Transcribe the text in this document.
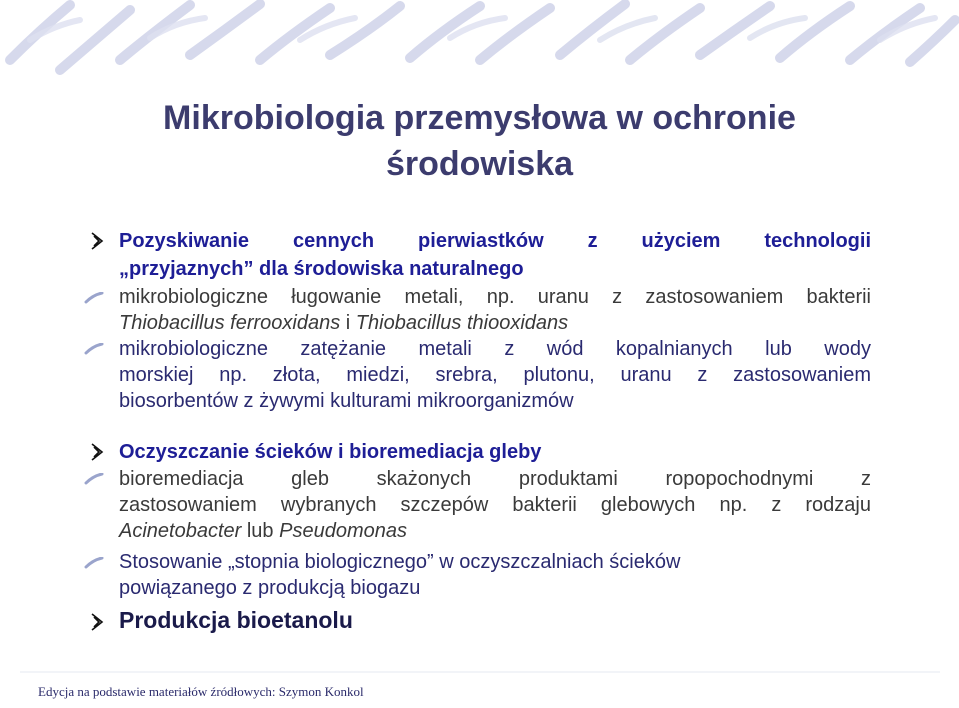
Mikrobiologia przemysłowa w ochronie
środowiska
Pozyskiwanie cennych pierwiastków z użyciem technologii
„przyjaznych” dla środowiska naturalnego
mikrobiologiczne ługowanie metali, np. uranu z zastosowaniem bakterii
Thiobacillus ferrooxidans i Thiobacillus thiooxidans
mikrobiologiczne zatężanie metali z wód kopalnianych lub wody
morskiej np. złota, miedzi, srebra, plutonu, uranu z zastosowaniem
biosorbentów z żywymi kulturami mikroorganizmów
Oczyszczanie ścieków i bioremediacja gleby
bioremediacja gleb skażonych produktami ropopochodnymi z
zastosowaniem wybranych szczepów bakterii glebowych np. z rodzaju
Acinetobacter lub Pseudomonas
Stosowanie „stopnia biologicznego” w oczyszczalniach ścieków
powiązanego z produkcją biogazu
Produkcja bioetanolu
Edycja na podstawie materiałów źródłowych: Szymon Konkol
